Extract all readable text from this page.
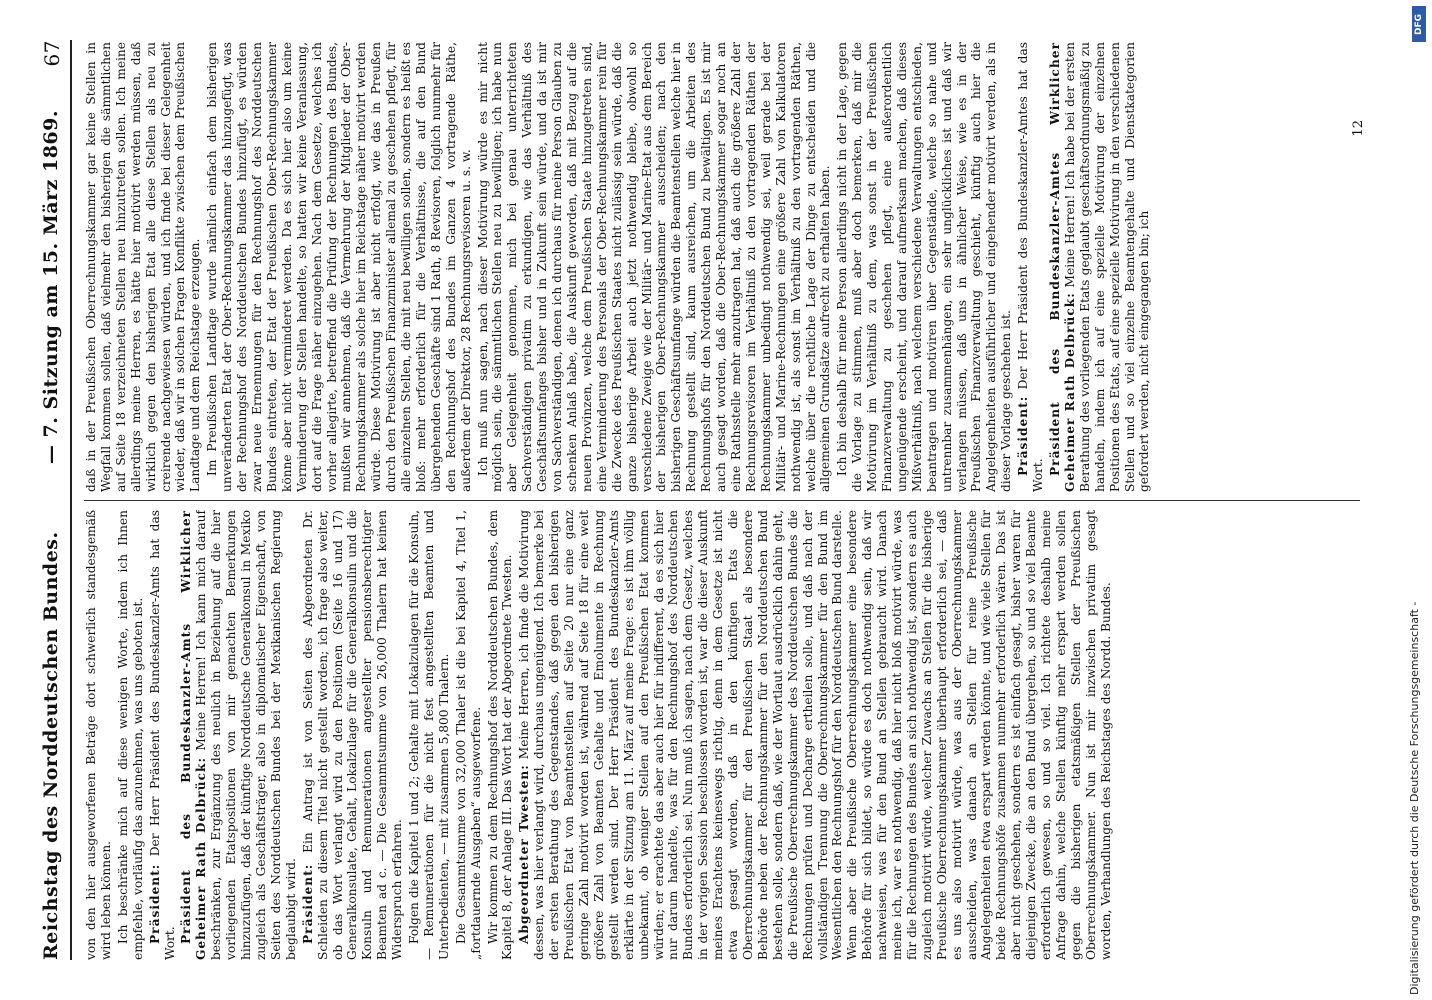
Reichstag des Norddeutschen Bundes.
— 7. Sitzung am 15. März 1869.
67

von den hier ausgeworfenen Beträge dort schwerlich standesgemäß wird leben können. Ich beschränke mich auf diese wenigen Worte, indem ich Ihnen empfehle, vorläufig das anzunehmen, was uns geboten ist. Präsident: Der Herr Präsident des Bundeskanzler-Amts hat das Wort. Präsident des Bundeskanzler-Amts Wirklicher Geheimer Rath Delbrück: Meine Herren! Ich kann mich darauf beschränken, zur Ergänzung des neulich in Beziehung auf die hier vorliegenden Etatspositionen von mir gemachten Bemerkungen hinzuzufügen, daß der künftige Norddeutsche Generalkonsul in Mexiko zugleich als Geschäftsträger, also in diplomatischer Eigenschaft, von Seiten des Norddeutschen Bundes bei der Mexikanischen Regierung beglaubigt wird. Präsident: Ein Antrag ist von Seiten des Abgeordneten Dr. Schleiden zu diesem Titel nicht gestellt worden; ich frage also weiter, ob das Wort verlangt wird zu den Positionen (Seite 16 und 17) Generalkonsulate, Gehalt, Lokalzulage für die Generalkonsulin und die Konsuln und Remunerationen angestellter pensionsberechtigter Beamten ad c. — Die Gesammtsumme von 26,000 Thalern hat keinen Widerspruch erfahren. Folgen die Kapitel 1 und 2; Gehalte mit Lokalzulagen für die Konsuln, — Remunerationen für die nicht fest angestellten Beamten und Unterbedienten, — mit zusammen 5,800 Thalern. Die Gesammtsumme von 32,000 Thaler ist die bei Kapitel 4, Titel 1, „fortdauernde Ausgaben“ ausgeworfene. Wir kommen zu dem Rechnungshof des Norddeutschen Bundes, dem Kapitel 8, der Anlage III. Das Wort hat der Abgeordnete Twesten. Abgeordneter Twesten: Meine Herren, ich finde die Motivirung dessen, was hier verlangt wird, durchaus ungenügend. Ich bemerke bei der ersten Berathung des Gegenstandes, daß gegen den bisherigen Preußischen Etat von Beamtenstellen auf Seite 20 nur eine ganz geringe Zahl motivirt worden ist, während auf Seite 18 für eine weit größere Zahl von Beamten Gehalte und Emolumente in Rechnung gestellt werden sind. Der Herr Präsident des Bundeskanzler-Amts erklärte in der Sitzung am 11. März auf meine Frage: es ist ihm völlig unbekannt, ob weniger Stellen auf den Preußischen Etat kommen würden; er erachtete das aber auch hier für indifferent, da es sich hier nur darum handelte, was für den Rechnungshof des Norddeutschen Bundes erforderlich sei. Nun muß ich sagen, nach dem Gesetz, welches in der vorigen Session beschlossen worden ist, war die dieser Auskunft meines Erachtens keineswegs richtig, denn in dem Gesetze ist nicht etwa gesagt worden, daß in den künftigen Etats die Oberrechnungskammer für den Preußischen Staat als besondere Behörde neben der Rechnungskammer für den Norddeutschen Bund bestehen solle, sondern daß, wie der Wortlaut ausdrücklich dahin geht, die Preußische Oberrechnungskammer des Norddeutschen Bundes die Rechnungen prüfen und Decharge ertheilen solle, und daß nach der vollständigen Trennung die Oberrechnungskammer für den Bund im Wesentlichen den Rechnungshof für den Norddeutschen Bund darstelle. Wenn aber die Preußische Oberrechnungskammer eine besondere Behörde für sich bildet, so würde es doch nothwendig sein, daß wir nachweisen, was für den Bund an Stellen gebraucht wird. Danach meine ich, war es nothwendig, daß hier nicht bloß motivirt würde, was für die Rechnungen des Bundes an sich nothwendig ist, sondern es auch zugleich motivirt würde, welcher Zuwachs an Stellen für die bisherige Preußische Oberrechnungskammer überhaupt erforderlich sei, — daß es uns also motivirt würde, was aus der Oberrechnungskammer ausscheiden, was danach an Stellen für reine Preußische Angelegenheiten etwa erspart werden könnte, und wie viele Stellen für beide Rechnungshöfe zusammen nunmehr erforderlich wären. Das ist aber nicht geschehen, sondern es ist einfach gesagt, bisher waren für diejenigen Zwecke, die an den Bund übergehen, so und so viel Beamte erforderlich gewesen, so und so viel. Ich richtete deshalb meine Anfrage dahin, welche Stellen künftig mehr erspart werden sollen gegen die bisherigen etatsmäßigen Stellen der Preußischen Oberrechnungskammer. Nun ist mir inzwischen privatim gesagt worden, Verhandlungen des Reichstages des Nordd. Bundes.

daß in der Preußischen Oberrechnungskammer gar keine Stellen in Wegfall kommen sollen, daß vielmehr den bisherigen die sämmtlichen auf Seite 18 verzeichneten Stellen neu hinzutreten sollen. Ich meine allerdings meine Herren, es hätte hier motivirt werden müssen, daß wirklich gegen den bisherigen Etat alle diese Stellen als neu zu creirende nachgewiesen würden, und ich finde bei dieser Gelegenheit wieder, daß wir in solchen Fragen Konflikte zwischen dem Preußischen Landtage und dem Reichstage erzeugen. Im Preußischen Landtage wurde nämlich einfach dem bisherigen unveränderten Etat der Ober-Rechnungskammer das hinzugefügt, was der Rechnungshof des Norddeutschen Bundes hinzufügt, es würden zwar neue Ernennungen für den Rechnungshof des Norddeutschen Bundes eintreten, der Etat der Preußischen Ober-Rechnungskammer könne aber nicht verminderet werden. Da es sich hier also um keine Verminderung der Stellen handelte, so hatten wir keine Veranlassung, dort auf die Frage näher einzugehen. Nach dem Gesetze, welches ich vorher allegirte, betreffend die Prüfung der Rechnungen des Bundes, mußten wir annehmen, daß die Vermehrung der Mitglieder der Ober-Rechnungskammer als solche hier im Reichstage näher motivirt werden würde. Diese Motivirung ist aber nicht erfolgt, wie das in Preußen durch den Preußischen Finanzminister allemal zu geschehen pflegt, für alle einzelnen Stellen, die mit neu bewilligen sollen, sondern es heißt es bloß: mehr erforderlich für die Verhältnisse, die auf den Bund übergehenden Geschäfte sind 1 Rath, 8 Revisoren, folglich nunmehr für den Rechnungshof des Bundes im Ganzen 4 vortragende Räthe, außerdem der Direktor, 28 Rechnungsrevisoren u. s. w. Ich muß nun sagen, nach dieser Motivirung würde es mir nicht möglich sein, die sämmtlichen Stellen neu zu bewilligen; ich habe nun aber Gelegenheit genommen, mich bei genau unterrichteten Sachverständigen privatim zu erkundigen, wie das Verhältniß des Geschäftsumfanges bisher und in Zukunft sein würde, und da ist mir von Sachverständigen, denen ich durchaus für meine Person Glauben zu schenken Anlaß habe, die Auskunft geworden, daß mit Bezug auf die neuen Provinzen, welche dem Preußischen Staate hinzugetreten sind, eine Verminderung des Personals der Ober-Rechnungskammer rein für die Zwecke des Preußischen Staates nicht zulässig sein würde, daß die ganze bisherige Arbeit auch jetzt nothwendig bleibe, obwohl so verschiedene Zweige wie der Militär- und Marine-Etat aus dem Bereich der bisherigen Ober-Rechnungskammer ausscheiden; nach den bisherigen Geschäftsumfange würden die Beamtenstellen welche hier in Rechnung gestellt sind, kaum ausreichen, um die Arbeiten des Rechnungshofs für den Norddeutschen Bund zu bewältigen. Es ist mir auch gesagt worden, daß die Ober-Rechnungskammer sogar noch an eine Rathsstelle mehr anzutragen hat, daß auch die größere Zahl der Rechnungsrevisoren im Verhältniß zu den vortragenden Räthen der Rechnungskammer unbedingt nothwendig sei, weil gerade bei der Militär- und Marine-Rechnungen eine größere Zahl von Kalkulatoren nothwendig ist, als sonst im Verhältniß zu den vortragenden Räthen, welche über die rechtliche Lage der Dinge zu entscheiden und die allgemeinen Grundsätze aufrecht zu erhalten haben. Ich bin deshalb für meine Person allerdings nicht in der Lage, gegen die Vorlage zu stimmen, muß aber doch bemerken, daß mir die Motivirung im Verhältniß zu dem, was sonst in der Preußischen Finanzverwaltung zu geschehen pflegt, eine außerordentlich ungenügende erscheint, und darauf aufmerksam machen, daß dieses Mißverhältniß, nach welchem verschiedene Verwaltungen entschieden, beantragen und motiviren über Gegenstände, welche so nahe und untrennbar zusammenhängen, ein sehr unglückliches ist und daß wir verlangen müssen, daß uns in ähnlicher Weise, wie es in der Preußischen Finanzverwaltung geschieht, künftig auch hier die Angelegenheiten ausführlicher und eingehender motivirt werden, als in dieser Vorlage geschehen ist. Präsident: Der Herr Präsident des Bundeskanzler-Amtes hat das Wort. Präsident des Bundeskanzler-Amtes Wirklicher Geheimer Rath Delbrück: Meine Herren! Ich habe bei der ersten Berathung des vorliegenden Etats geglaubt geschäftsordnungsmäßig zu handeln, indem ich auf eine spezielle Motivirung der einzelnen Positionen des Etats, auf eine spezielle Motivirung in den verschiedenen Stellen und so viel einzelne Beamtengehalte und Dienstkategorien gefordert werden, nicht eingegangen bin; ich

12
DFG
Digitalisierung gefördert durch die Deutsche Forschungsgemeinschaft -
